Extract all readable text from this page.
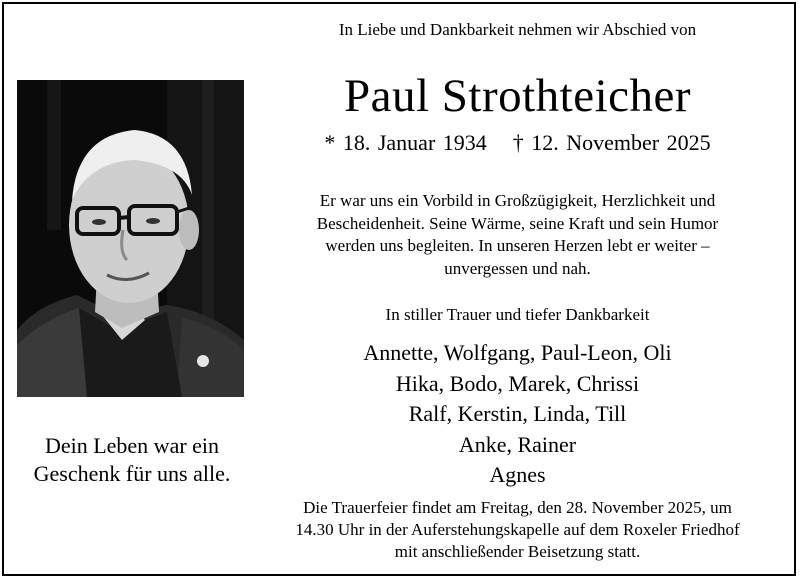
In Liebe und Dankbarkeit nehmen wir Abschied von
Paul Strothteicher
* 18. Januar 1934 † 12. November 2025
Er war uns ein Vorbild in Großzügigkeit, Herzlichkeit und
Bescheidenheit. Seine Wärme, seine Kraft und sein Humor
werden uns begleiten. In unseren Herzen lebt er weiter –
unvergessen und nah.
In stiller Trauer und tiefer Dankbarkeit
Annette, Wolfgang, Paul-Leon, Oli
Hika, Bodo, Marek, Chrissi
Ralf, Kerstin, Linda, Till
Anke, Rainer
Agnes
Dein Leben war ein
Geschenk für uns alle.
Die Trauerfeier findet am Freitag, den 28. November 2025, um
14.30 Uhr in der Auferstehungskapelle auf dem Roxeler Friedhof
mit anschließender Beisetzung statt.
